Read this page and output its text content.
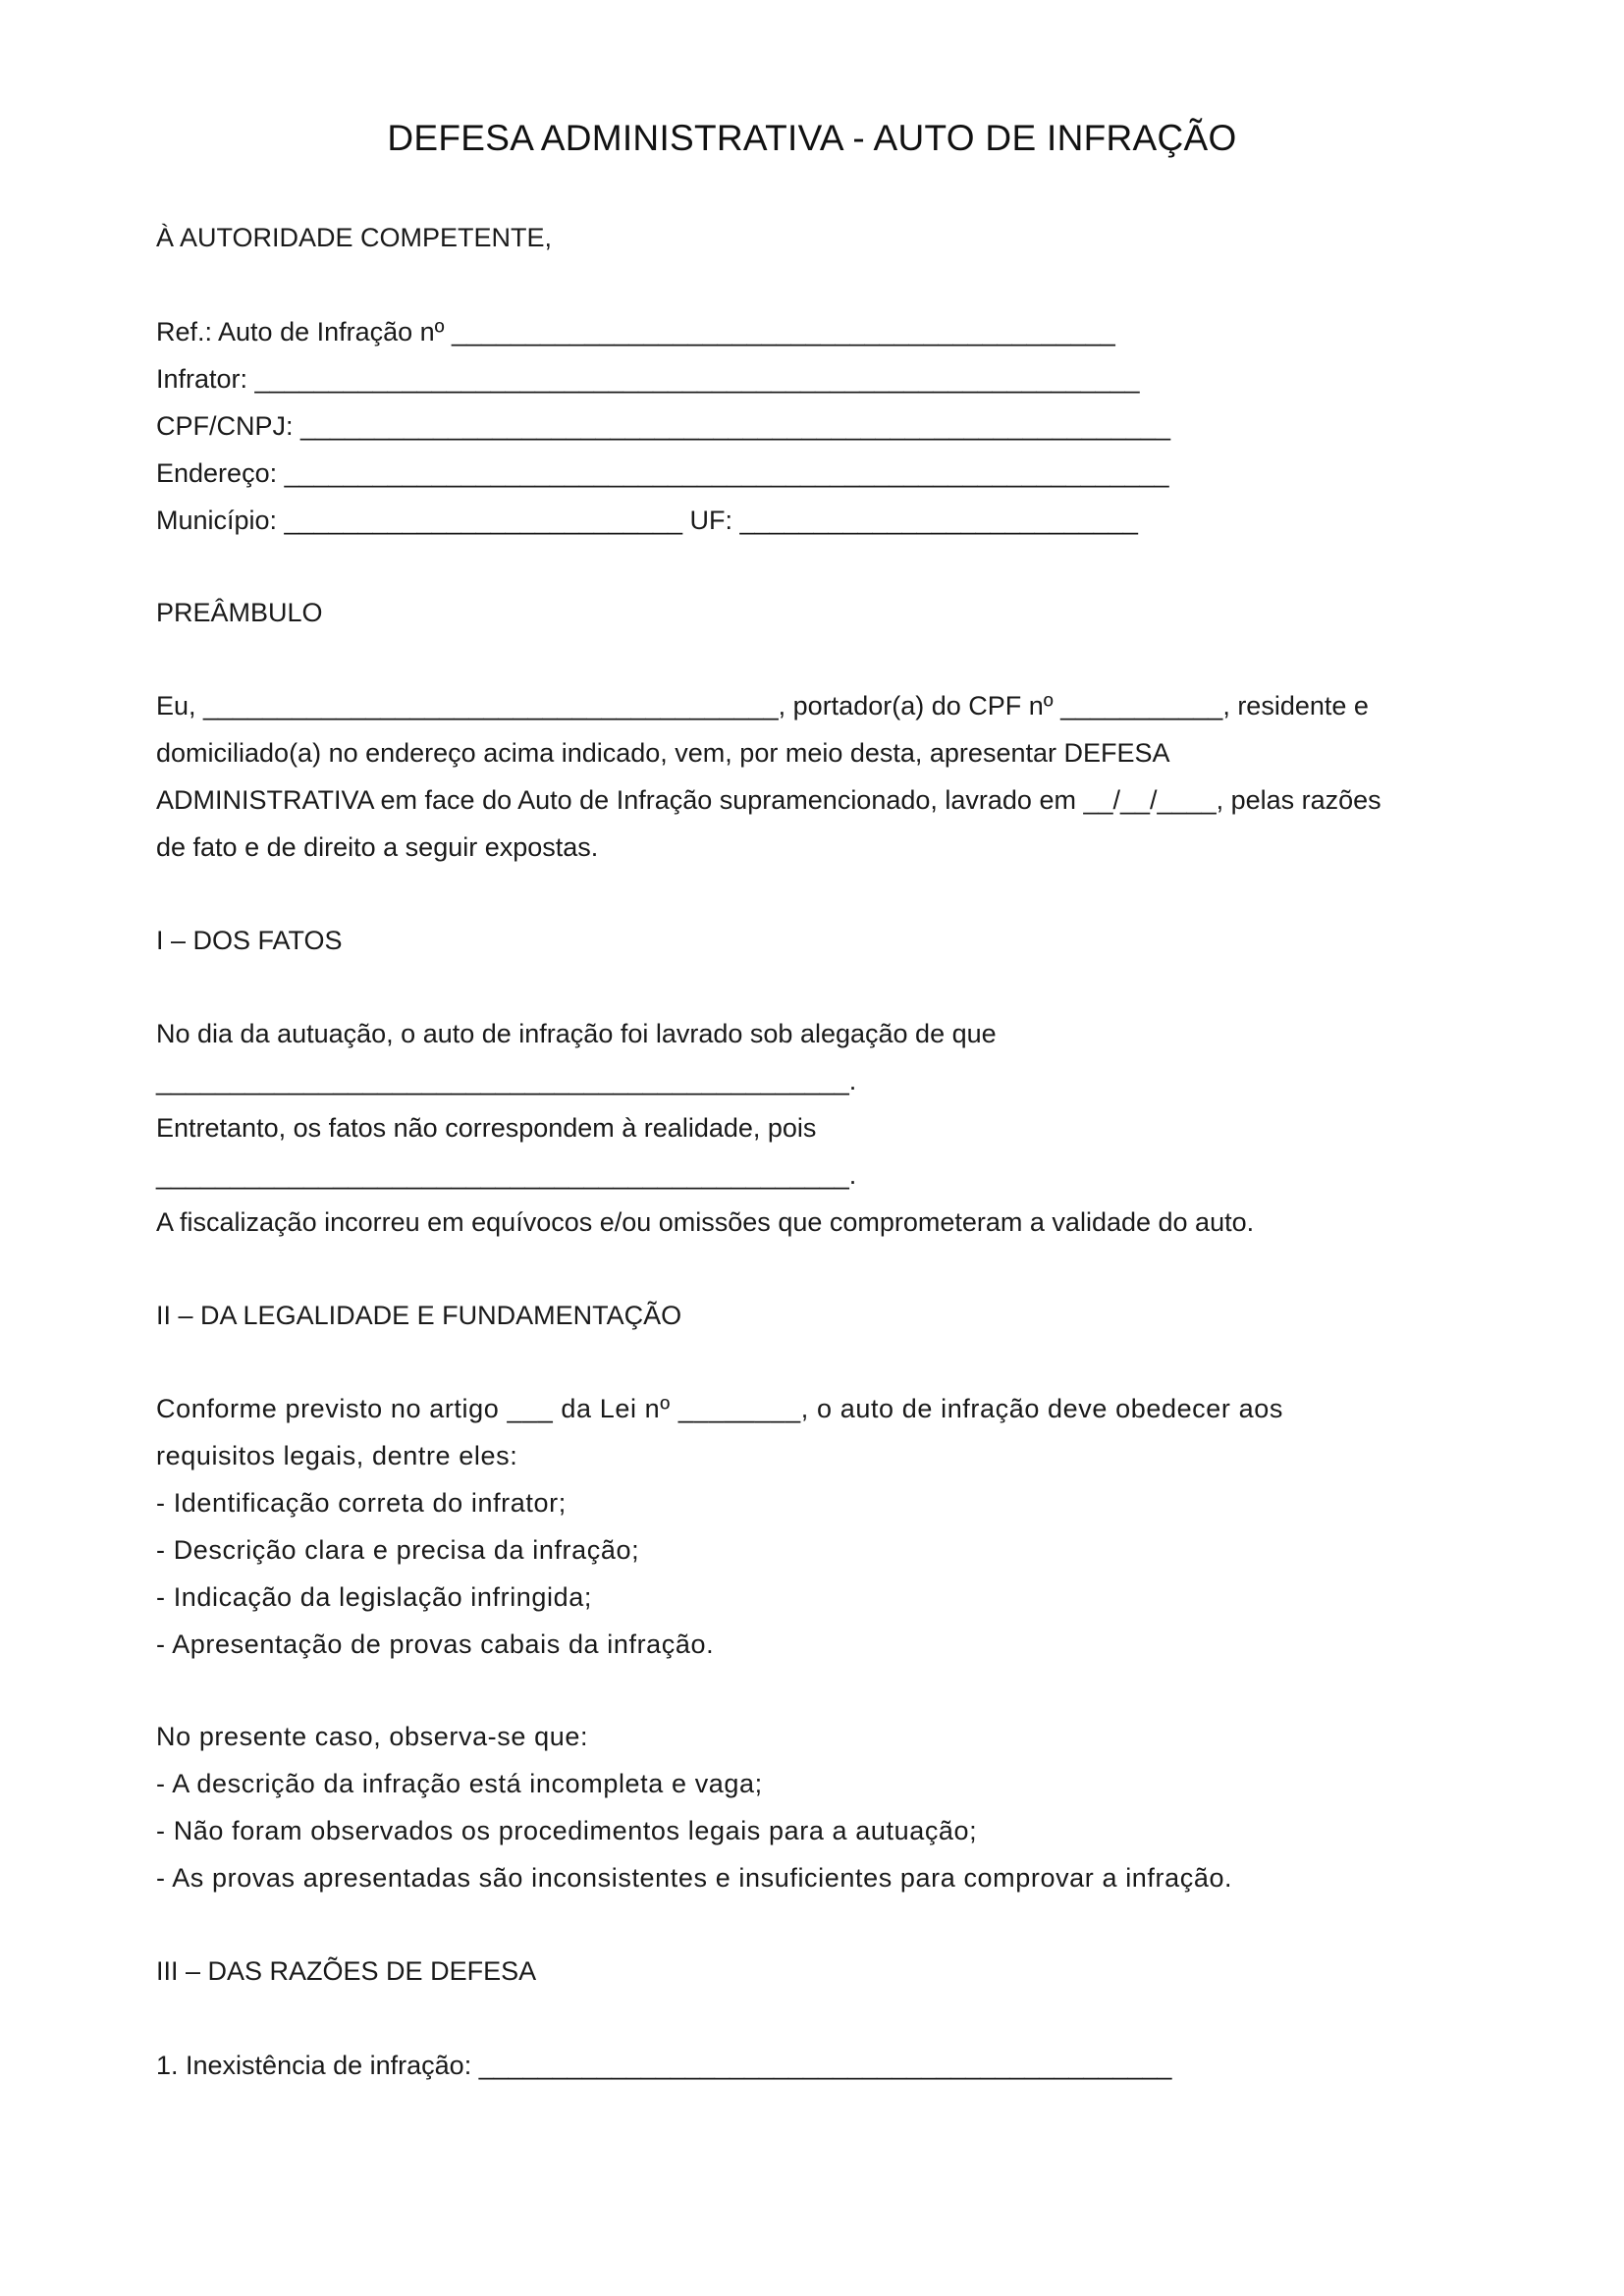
DEFESA ADMINISTRATIVA - AUTO DE INFRAÇÃO
À AUTORIDADE COMPETENTE,
Ref.: Auto de Infração nº _____________________________________________
Infrator: ____________________________________________________________
CPF/CNPJ: ___________________________________________________________
Endereço: ____________________________________________________________
Município: ___________________________ UF: ___________________________
PREÂMBULO
Eu, _______________________________________, portador(a) do CPF nº ___________, residente e
domiciliado(a) no endereço acima indicado, vem, por meio desta, apresentar DEFESA
ADMINISTRATIVA em face do Auto de Infração supramencionado, lavrado em __/__/____, pelas razões
de fato e de direito a seguir expostas.
I – DOS FATOS
No dia da autuação, o auto de infração foi lavrado sob alegação de que
_______________________________________________.
Entretanto, os fatos não correspondem à realidade, pois
_______________________________________________.
A fiscalização incorreu em equívocos e/ou omissões que comprometeram a validade do auto.
II – DA LEGALIDADE E FUNDAMENTAÇÃO
Conforme previsto no artigo ___ da Lei nº ________, o auto de infração deve obedecer aos
requisitos legais, dentre eles:
- Identificação correta do infrator;
- Descrição clara e precisa da infração;
- Indicação da legislação infringida;
- Apresentação de provas cabais da infração.
No presente caso, observa-se que:
- A descrição da infração está incompleta e vaga;
- Não foram observados os procedimentos legais para a autuação;
- As provas apresentadas são inconsistentes e insuficientes para comprovar a infração.
III – DAS RAZÕES DE DEFESA
1. Inexistência de infração: _______________________________________________
